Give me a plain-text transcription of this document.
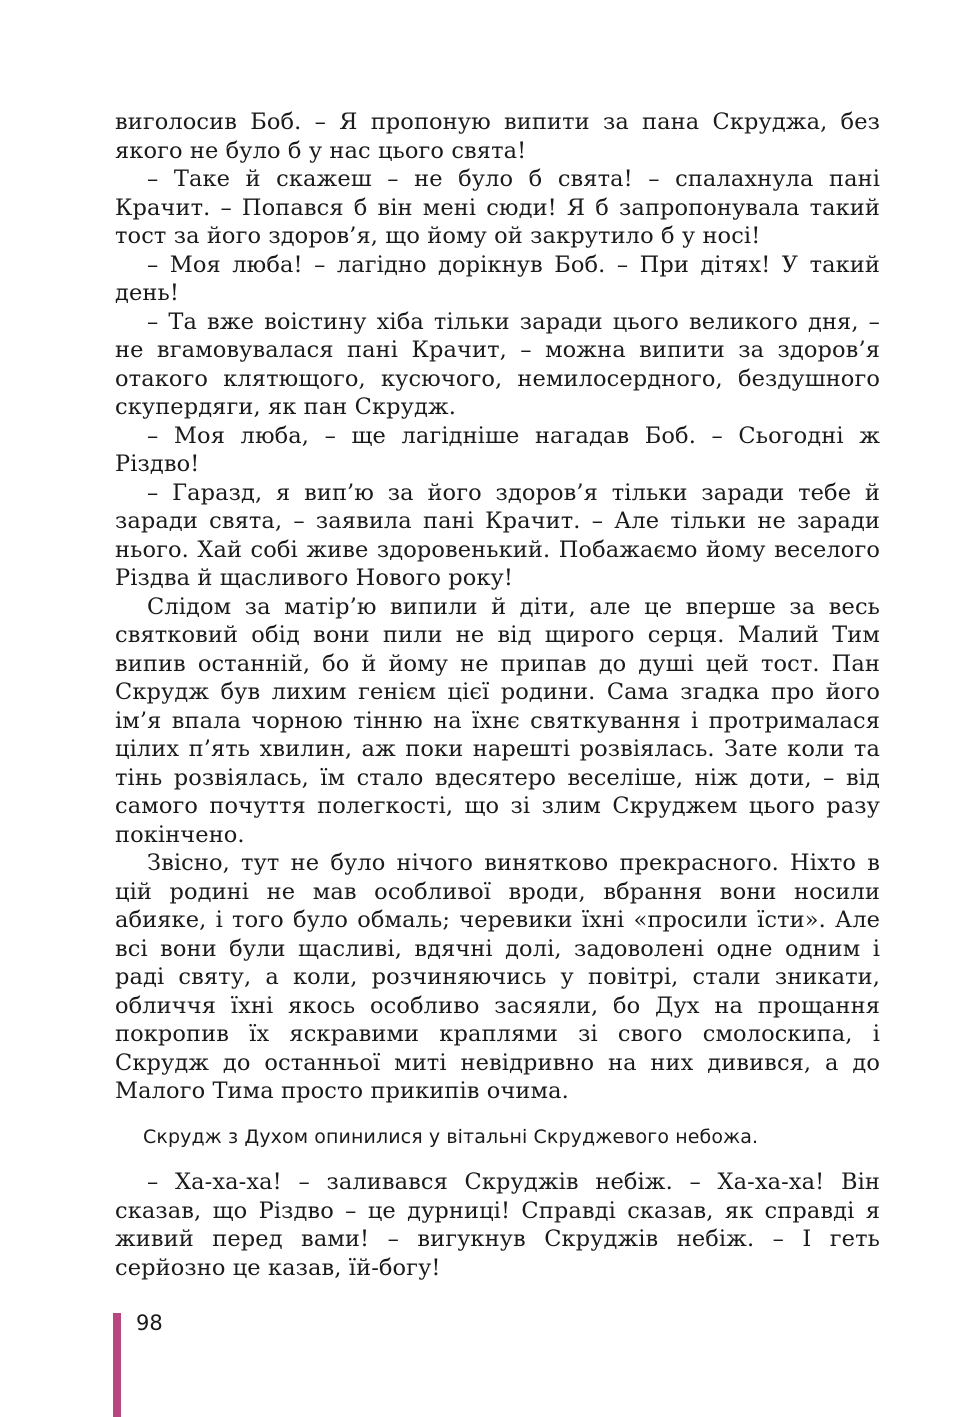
виголосив Боб. – Я пропоную випити за пана Скруджа, без якого не було б у нас цього свята!

– Таке й скажеш – не було б свята! – спалахнула пані Крачит. – Попався б він мені сюди! Я б запропонувала такий тост за його здоров’я, що йому ой закрутило б у носі!

– Моя люба! – лагідно дорікнув Боб. – При дітях! У такий день!

– Та вже воістину хіба тільки заради цього великого дня, – не вгамовувалася пані Крачит, – можна випити за здоров’я отакого клятющого, кусючого, немилосердного, бездушного скупердяги, як пан Скрудж.

– Моя люба, – ще лагідніше нагадав Боб. – Сьогодні ж Різдво!

– Гаразд, я вип’ю за його здоров’я тільки заради тебе й заради свята, – заявила пані Крачит. – Але тільки не заради нього. Хай собі живе здоровенький. Побажаємо йому веселого Різдва й щасливого Нового року!

Слідом за матір’ю випили й діти, але це вперше за весь святковий обід вони пили не від щирого серця. Малий Тим випив останній, бо й йому не припав до душі цей тост. Пан Скрудж був лихим генієм цієї родини. Сама згадка про його ім’я впала чорною тінню на їхнє святкування і протрималася цілих п’ять хвилин, аж поки нарешті розвіялась. Зате коли та тінь розвіялась, їм стало вдесятеро веселіше, ніж доти, – від самого почуття полегкості, що зі злим Скруджем цього разу покінчено.

Звісно, тут не було нічого винятково прекрасного. Ніхто в цій родині не мав особливої вроди, вбрання вони носили абияке, і того було обмаль; черевики їхні «просили їсти». Але всі вони були щасливі, вдячні долі, задоволені одне одним і раді святу, а коли, розчиняючись у повітрі, стали зникати, обличчя їхні якось особливо засяяли, бо Дух на прощання покропив їх яскравими краплями зі свого смолоскипа, і Скрудж до останньої миті невідривно на них дивився, а до Малого Тима просто прикипів очима.

Скрудж з Духом опинилися у вітальні Скруджевого небожа.

– Ха-ха-ха! – заливався Скруджів небіж. – Ха-ха-ха! Він сказав, що Різдво – це дурниці! Справді сказав, як справді я живий перед вами! – вигукнув Скруджів небіж. – І геть серйозно це казав, їй-богу!

98
